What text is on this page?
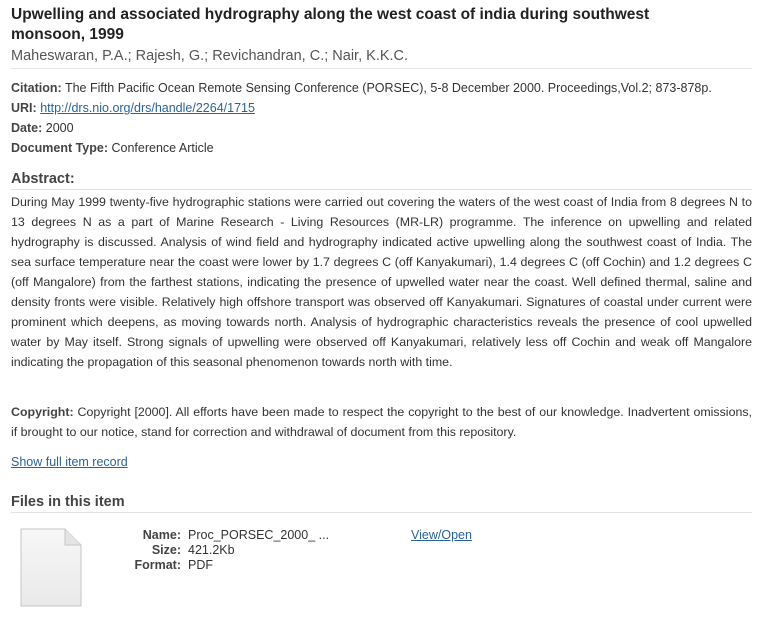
Upwelling and associated hydrography along the west coast of india during southwest monsoon, 1999
Maheswaran, P.A.; Rajesh, G.; Revichandran, C.; Nair, K.K.C.
Citation: The Fifth Pacific Ocean Remote Sensing Conference (PORSEC), 5-8 December 2000. Proceedings,Vol.2; 873-878p.
URI: http://drs.nio.org/drs/handle/2264/1715
Date: 2000
Document Type: Conference Article
Abstract:
During May 1999 twenty-five hydrographic stations were carried out covering the waters of the west coast of India from 8 degrees N to 13 degrees N as a part of Marine Research - Living Resources (MR-LR) programme. The inference on upwelling and related hydrography is discussed. Analysis of wind field and hydrography indicated active upwelling along the southwest coast of India. The sea surface temperature near the coast were lower by 1.7 degrees C (off Kanyakumari), 1.4 degrees C (off Cochin) and 1.2 degrees C (off Mangalore) from the farthest stations, indicating the presence of upwelled water near the coast. Well defined thermal, saline and density fronts were visible. Relatively high offshore transport was observed off Kanyakumari. Signatures of coastal under current were prominent which deepens, as moving towards north. Analysis of hydrographic characteristics reveals the presence of cool upwelled water by May itself. Strong signals of upwelling were observed off Kanyakumari, relatively less off Cochin and weak off Mangalore indicating the propagation of this seasonal phenomenon towards north with time.
Copyright: Copyright [2000]. All efforts have been made to respect the copyright to the best of our knowledge. Inadvertent omissions, if brought to our notice, stand for correction and withdrawal of document from this repository.
Show full item record
Files in this item
Name: Proc_PORSEC_2000_ ...
Size: 421.2Kb
Format: PDF
View/Open
